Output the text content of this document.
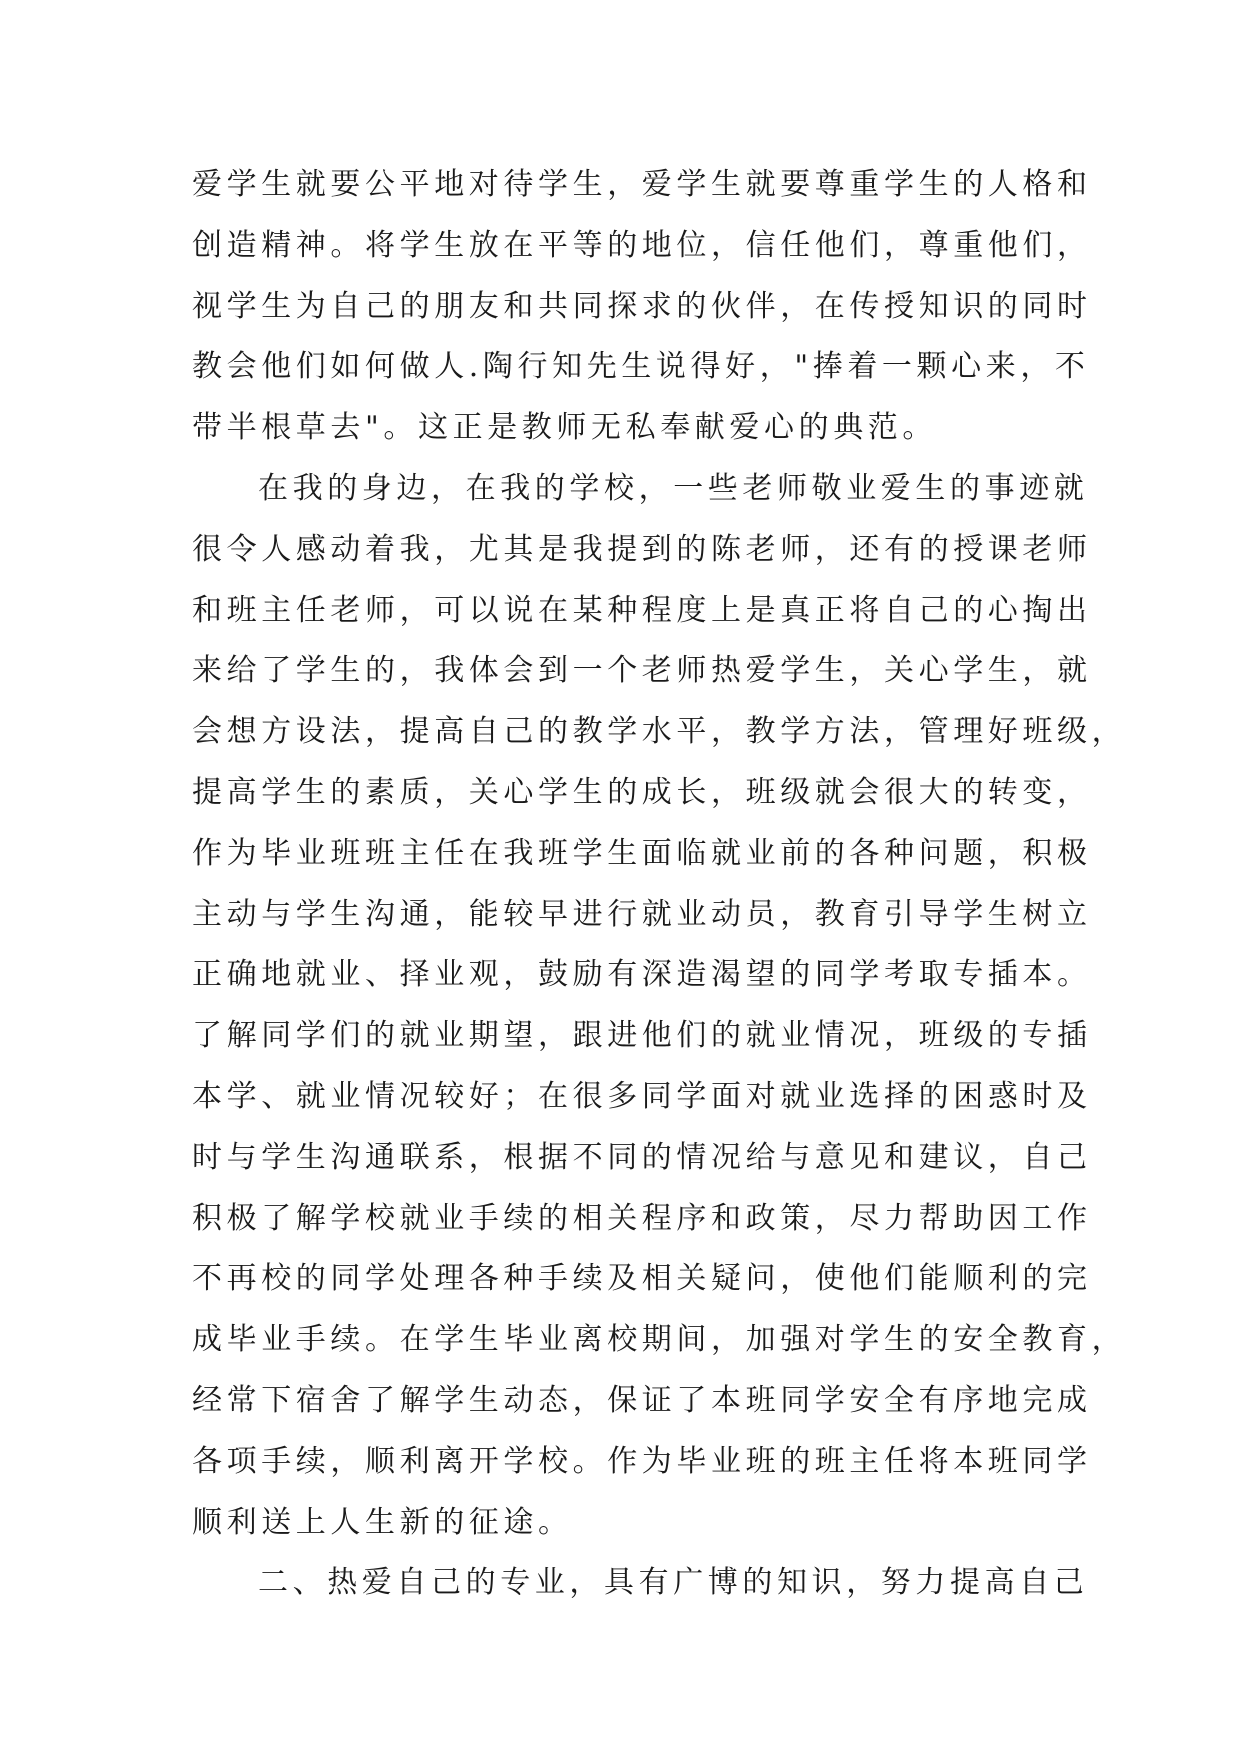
爱学生就要公平地对待学生，爱学生就要尊重学生的人格和
创造精神。将学生放在平等的地位，信任他们，尊重他们，
视学生为自己的朋友和共同探求的伙伴，在传授知识的同时
教会他们如何做人.陶行知先生说得好，"捧着一颗心来，不
带半根草去"。这正是教师无私奉献爱心的典范。
在我的身边，在我的学校，一些老师敬业爱生的事迹就
很令人感动着我，尤其是我提到的陈老师，还有的授课老师
和班主任老师，可以说在某种程度上是真正将自己的心掏出
来给了学生的，我体会到一个老师热爱学生，关心学生，就
会想方设法，提高自己的教学水平，教学方法，管理好班级，
提高学生的素质，关心学生的成长，班级就会很大的转变，
作为毕业班班主任在我班学生面临就业前的各种问题，积极
主动与学生沟通，能较早进行就业动员，教育引导学生树立
正确地就业、择业观，鼓励有深造渴望的同学考取专插本。
了解同学们的就业期望，跟进他们的就业情况，班级的专插
本学、就业情况较好；在很多同学面对就业选择的困惑时及
时与学生沟通联系，根据不同的情况给与意见和建议，自己
积极了解学校就业手续的相关程序和政策，尽力帮助因工作
不再校的同学处理各种手续及相关疑问，使他们能顺利的完
成毕业手续。在学生毕业离校期间，加强对学生的安全教育，
经常下宿舍了解学生动态，保证了本班同学安全有序地完成
各项手续，顺利离开学校。作为毕业班的班主任将本班同学
顺利送上人生新的征途。
二、热爱自己的专业，具有广博的知识，努力提高自己
